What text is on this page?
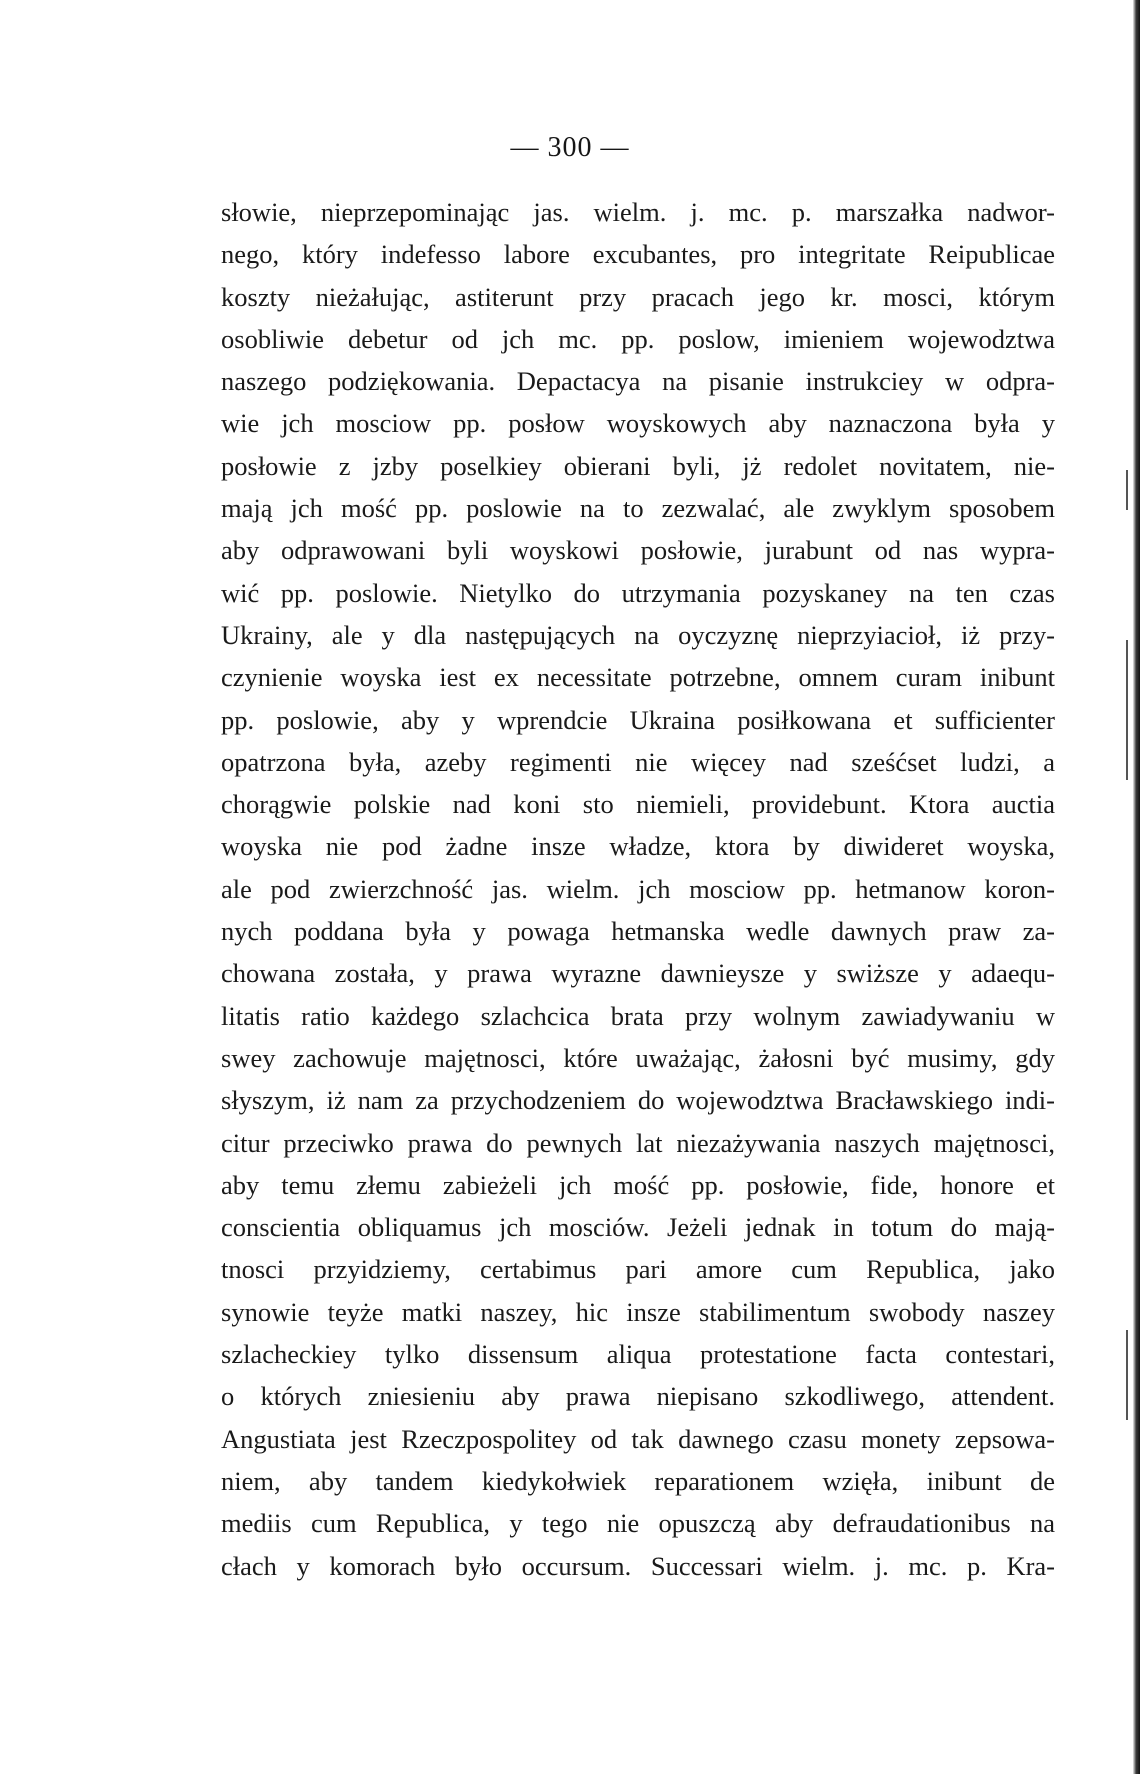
— 300 —
słowie, nieprzepominając jas. wielm. j. mc. p. marszałka nadwor-
nego, który indefesso labore excubantes, pro integritate Reipublicae
koszty nieżałując, astiterunt przy pracach jego kr. mosci, którym
osobliwie debetur od jch mc. pp. poslow, imieniem wojewodztwa
naszego podziękowania. Depactacya na pisanie instrukciey w odpra-
wie jch mosciow pp. posłow woyskowych aby naznaczona była y
posłowie z jzby poselkiey obierani byli, jż redolet novitatem, nie-
mają jch mość pp. poslowie na to zezwalać, ale zwyklym sposobem
aby odprawowani byli woyskowi posłowie, jurabunt od nas wypra-
wić pp. poslowie. Nietylko do utrzymania pozyskaney na ten czas
Ukrainy, ale y dla następujących na oyczyznę nieprzyiacioł, iż przy-
czynienie woyska iest ex necessitate potrzebne, omnem curam inibunt
pp. poslowie, aby y wprendcie Ukraina posiłkowana et sufficienter
opatrzona była, azeby regimenti nie więcey nad sześćset ludzi, a
chorągwie polskie nad koni sto niemieli, providebunt. Ktora auctia
woyska nie pod żadne insze władze, ktora by diwideret woyska,
ale pod zwierzchność jas. wielm. jch mosciow pp. hetmanow koron-
nych poddana była y powaga hetmanska wedle dawnych praw za-
chowana została, y prawa wyrazne dawnieysze y swiższe y adaequ-
litatis ratio każdego szlachcica brata przy wolnym zawiadywaniu w
swey zachowuje majętnosci, które uważając, żałosni być musimy, gdy
słyszym, iż nam za przychodzeniem do wojewodztwa Bracławskiego indi-
citur przeciwko prawa do pewnych lat niezażywania naszych majętnosci,
aby temu złemu zabieżeli jch mość pp. posłowie, fide, honore et
conscientia obliquamus jch mosciów. Jeżeli jednak in totum do mają-
tnosci przyidziemy, certabimus pari amore cum Republica, jako
synowie teyże matki naszey, hic insze stabilimentum swobody naszey
szlacheckiey tylko dissensum aliqua protestatione facta contestari,
o których zniesieniu aby prawa niepisano szkodliwego, attendent.
Angustiata jest Rzeczpospolitey od tak dawnego czasu monety zepsowa-
niem, aby tandem kiedykołwiek reparationem wzięła, inibunt de
mediis cum Republica, y tego nie opuszczą aby defraudationibus na
cłach y komorach było occursum. Successari wielm. j. mc. p. Kra-
